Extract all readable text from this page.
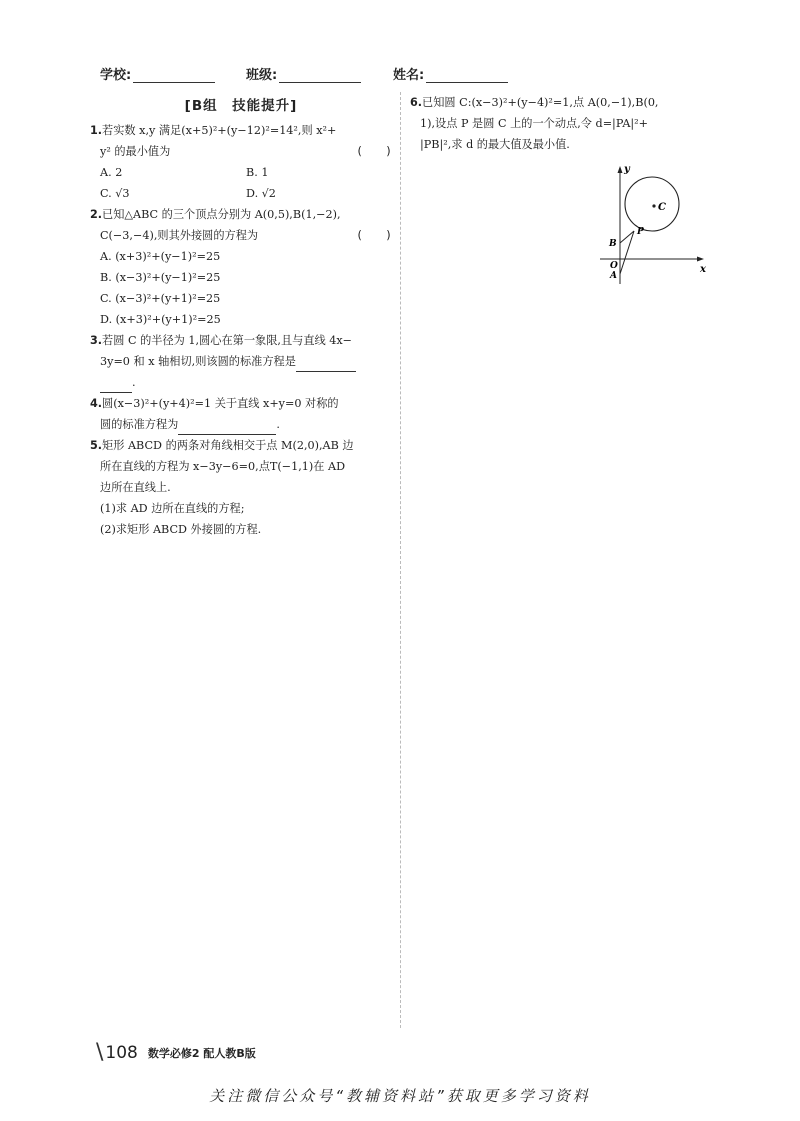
学校:	班级:	姓名:
[B组　技能提升]
1.若实数 x,y 满足(x+5)²+(y−12)²=14²,则 x²+
y² 的最小值为	(　　)
A. 2	B. 1
C. √3	D. √2
2.已知△ABC 的三个顶点分别为 A(0,5),B(1,−2),
C(−3,−4),则其外接圆的方程为	(　　)
A. (x+3)²+(y−1)²=25
B. (x−3)²+(y−1)²=25
C. (x−3)²+(y+1)²=25
D. (x+3)²+(y+1)²=25
3.若圆 C 的半径为 1,圆心在第一象限,且与直线 4x−
3y=0 和 x 轴相切,则该圆的标准方程是
.
4.圆(x−3)²+(y+4)²=1 关于直线 x+y=0 对称的
圆的标准方程为	.
5.矩形 ABCD 的两条对角线相交于点 M(2,0),AB 边
所在直线的方程为 x−3y−6=0,点T(−1,1)在 AD
边所在直线上.
(1)求 AD 边所在直线的方程;
(2)求矩形 ABCD 外接圆的方程.
6.已知圆 C:(x−3)²+(y−4)²=1,点 A(0,−1),B(0,
1),设点 P 是圆 C 上的一个动点,令 d=|PA|²+
|PB|²,求 d 的最大值及最小值.
y
x
C
P
B
O
A
\ 108 数学必修2 配人教B版
关注微信公众号“教辅资料站”获取更多学习资料
